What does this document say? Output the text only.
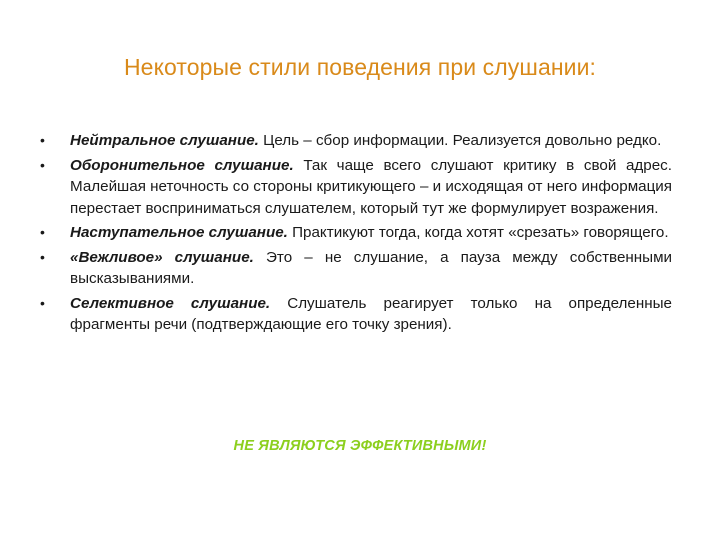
Некоторые стили поведения при слушании:
•	Нейтральное слушание. Цель – сбор информации. Реализуется довольно редко.
•	Оборонительное слушание. Так чаще всего слушают критику в свой адрес. Малейшая неточность со стороны критикующего – и исходящая от него информация перестает восприниматься слушателем, который тут же формулирует возражения.
•	Наступательное слушание. Практикуют тогда, когда хотят «срезать» говорящего.
•	«Вежливое» слушание. Это – не слушание, а пауза между собственными высказываниями.
•	Селективное слушание. Слушатель реагирует только на определенные фрагменты речи (подтверждающие его точку зрения).
НЕ ЯВЛЯЮТСЯ ЭФФЕКТИВНЫМИ!
